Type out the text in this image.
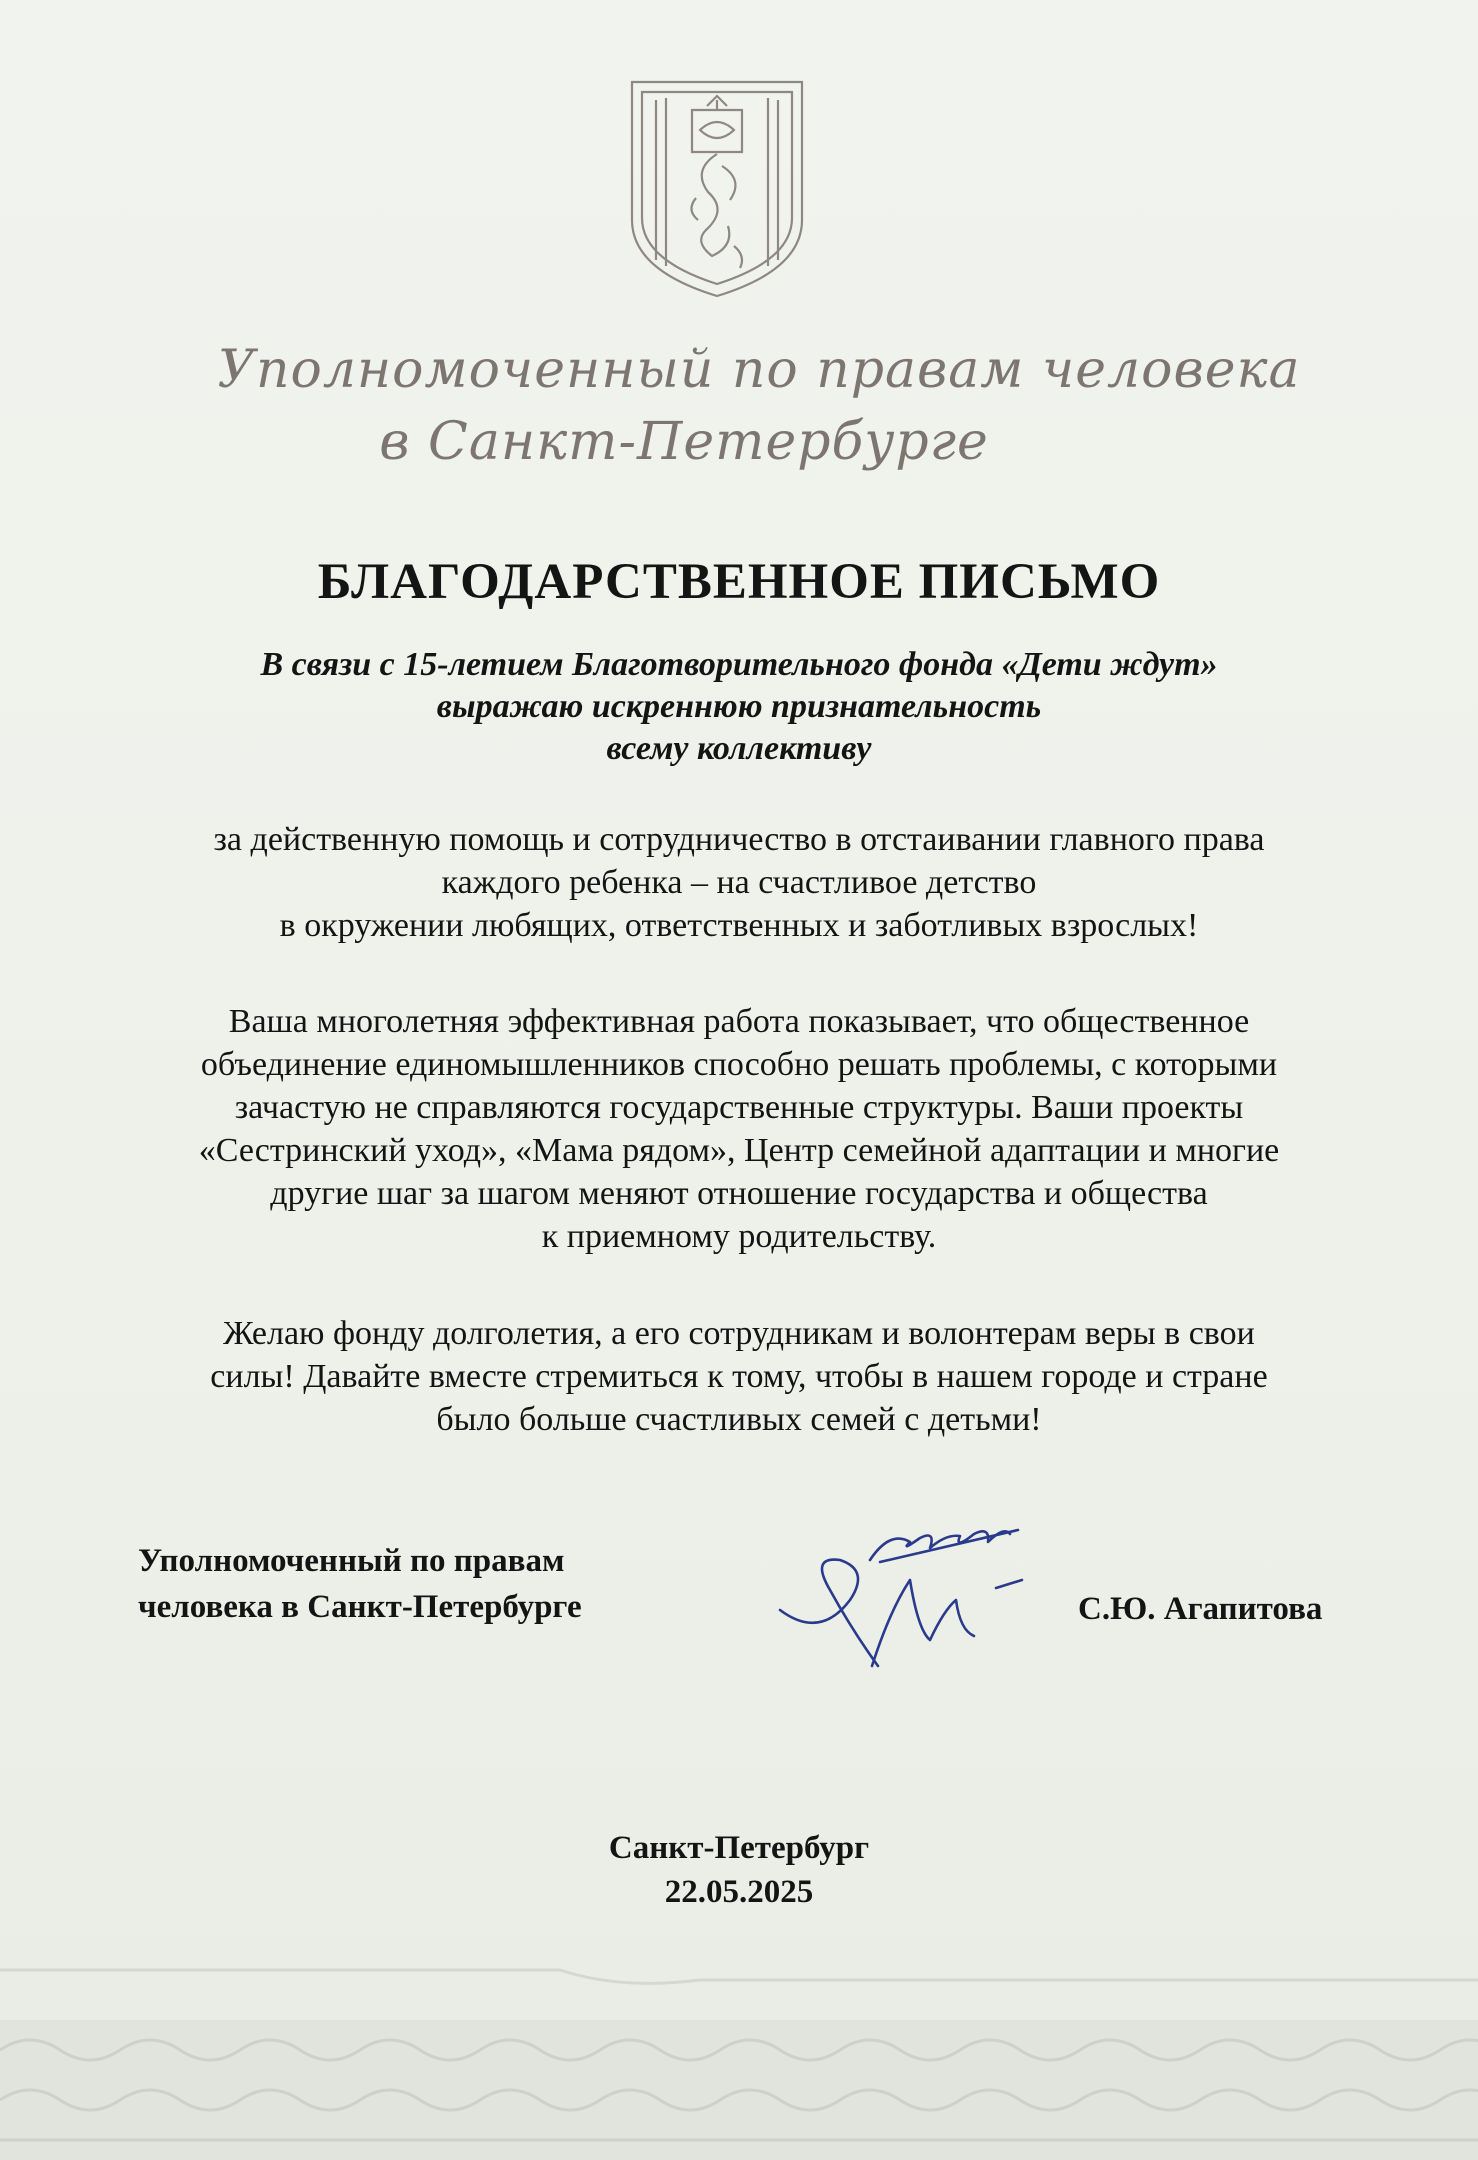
Уполномоченный по правам человека
в Санкт-Петербурге
БЛАГОДАРСТВЕННОЕ ПИСЬМО
В связи с 15-летием Благотворительного фонда «Дети ждут»
выражаю искреннюю признательность
всему коллективу
за действенную помощь и сотрудничество в отстаивании главного права
каждого ребенка – на счастливое детство
в окружении любящих, ответственных и заботливых взрослых!
Ваша многолетняя эффективная работа показывает, что общественное
объединение единомышленников способно решать проблемы, с которыми
зачастую не справляются государственные структуры. Ваши проекты
«Сестринский уход», «Мама рядом», Центр семейной адаптации и многие
другие шаг за шагом меняют отношение государства и общества
к приемному родительству.
Желаю фонду долголетия, а его сотрудникам и волонтерам веры в свои
силы! Давайте вместе стремиться к тому, чтобы в нашем городе и стране
было больше счастливых семей с детьми!
Уполномоченный по правам
человека в Санкт-Петербурге	С.Ю. Агапитова
Санкт-Петербург
22.05.2025
